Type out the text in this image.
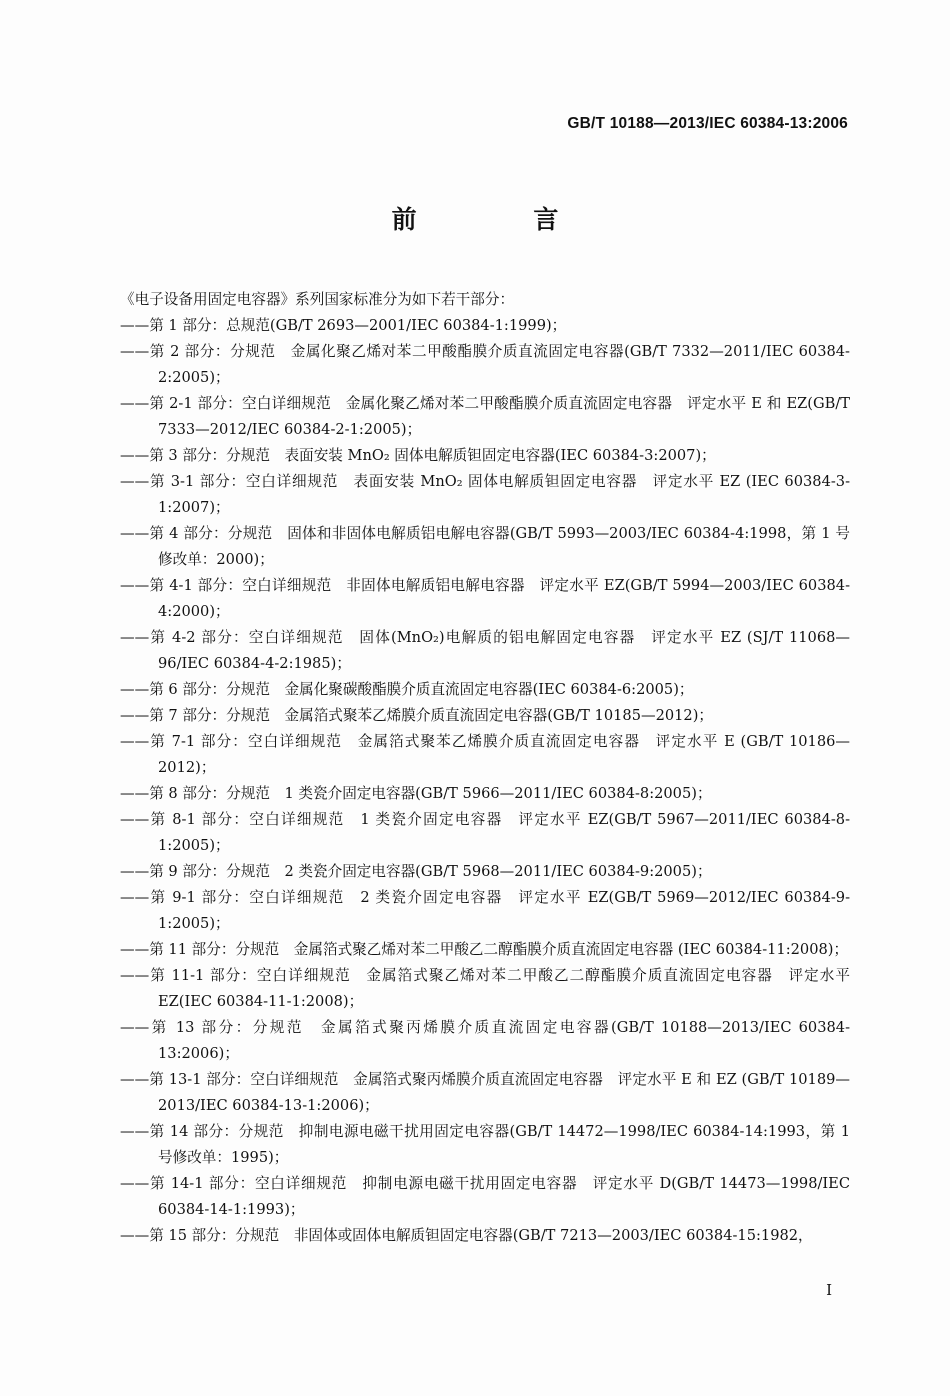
GB/T 10188—2013/IEC 60384-13:2006
前 言

《电子设备用固定电容器》系列国家标准分为如下若干部分：

——第 1 部分：总规范(GB/T 2693—2001/IEC 60384-1:1999)；

——第 2 部分：分规范　金属化聚乙烯对苯二甲酸酯膜介质直流固定电容器(GB/T 7332—2011/IEC 60384-2:2005)；

——第 2-1 部分：空白详细规范　金属化聚乙烯对苯二甲酸酯膜介质直流固定电容器　评定水平 E 和 EZ(GB/T 7333—2012/IEC 60384-2-1:2005)；

——第 3 部分：分规范　表面安装 MnO₂ 固体电解质钽固定电容器(IEC 60384-3:2007)；

——第 3-1 部分：空白详细规范　表面安装 MnO₂ 固体电解质钽固定电容器　评定水平 EZ (IEC 60384-3-1:2007)；

——第 4 部分：分规范　固体和非固体电解质铝电解电容器(GB/T 5993—2003/IEC 60384-4:1998，第 1 号修改单：2000)；

——第 4-1 部分：空白详细规范　非固体电解质铝电解电容器　评定水平 EZ(GB/T 5994—2003/IEC 60384-4:2000)；

——第 4-2 部分：空白详细规范　固体(MnO₂)电解质的铝电解固定电容器　评定水平 EZ (SJ/T 11068—96/IEC 60384-4-2:1985)；

——第 6 部分：分规范　金属化聚碳酸酯膜介质直流固定电容器(IEC 60384-6:2005)；

——第 7 部分：分规范　金属箔式聚苯乙烯膜介质直流固定电容器(GB/T 10185—2012)；

——第 7-1 部分：空白详细规范　金属箔式聚苯乙烯膜介质直流固定电容器　评定水平 E (GB/T 10186—2012)；

——第 8 部分：分规范　1 类瓷介固定电容器(GB/T 5966—2011/IEC 60384-8:2005)；

——第 8-1 部分：空白详细规范　1 类瓷介固定电容器　评定水平 EZ(GB/T 5967—2011/IEC 60384-8-1:2005)；

——第 9 部分：分规范　2 类瓷介固定电容器(GB/T 5968—2011/IEC 60384-9:2005)；

——第 9-1 部分：空白详细规范　2 类瓷介固定电容器　评定水平 EZ(GB/T 5969—2012/IEC 60384-9-1:2005)；

——第 11 部分：分规范　金属箔式聚乙烯对苯二甲酸乙二醇酯膜介质直流固定电容器 (IEC 60384-11:2008)；

——第 11-1 部分：空白详细规范　金属箔式聚乙烯对苯二甲酸乙二醇酯膜介质直流固定电容器　评定水平 EZ(IEC 60384-11-1:2008)；

——第 13 部分：分规范　金属箔式聚丙烯膜介质直流固定电容器(GB/T 10188—2013/IEC 60384-13:2006)；

——第 13-1 部分：空白详细规范　金属箔式聚丙烯膜介质直流固定电容器　评定水平 E 和 EZ (GB/T 10189—2013/IEC 60384-13-1:2006)；

——第 14 部分：分规范　抑制电源电磁干扰用固定电容器(GB/T 14472—1998/IEC 60384-14:1993，第 1 号修改单：1995)；

——第 14-1 部分：空白详细规范　抑制电源电磁干扰用固定电容器　评定水平 D(GB/T 14473—1998/IEC 60384-14-1:1993)；

——第 15 部分：分规范　非固体或固体电解质钽固定电容器(GB/T 7213—2003/IEC 60384-15:1982，

I
